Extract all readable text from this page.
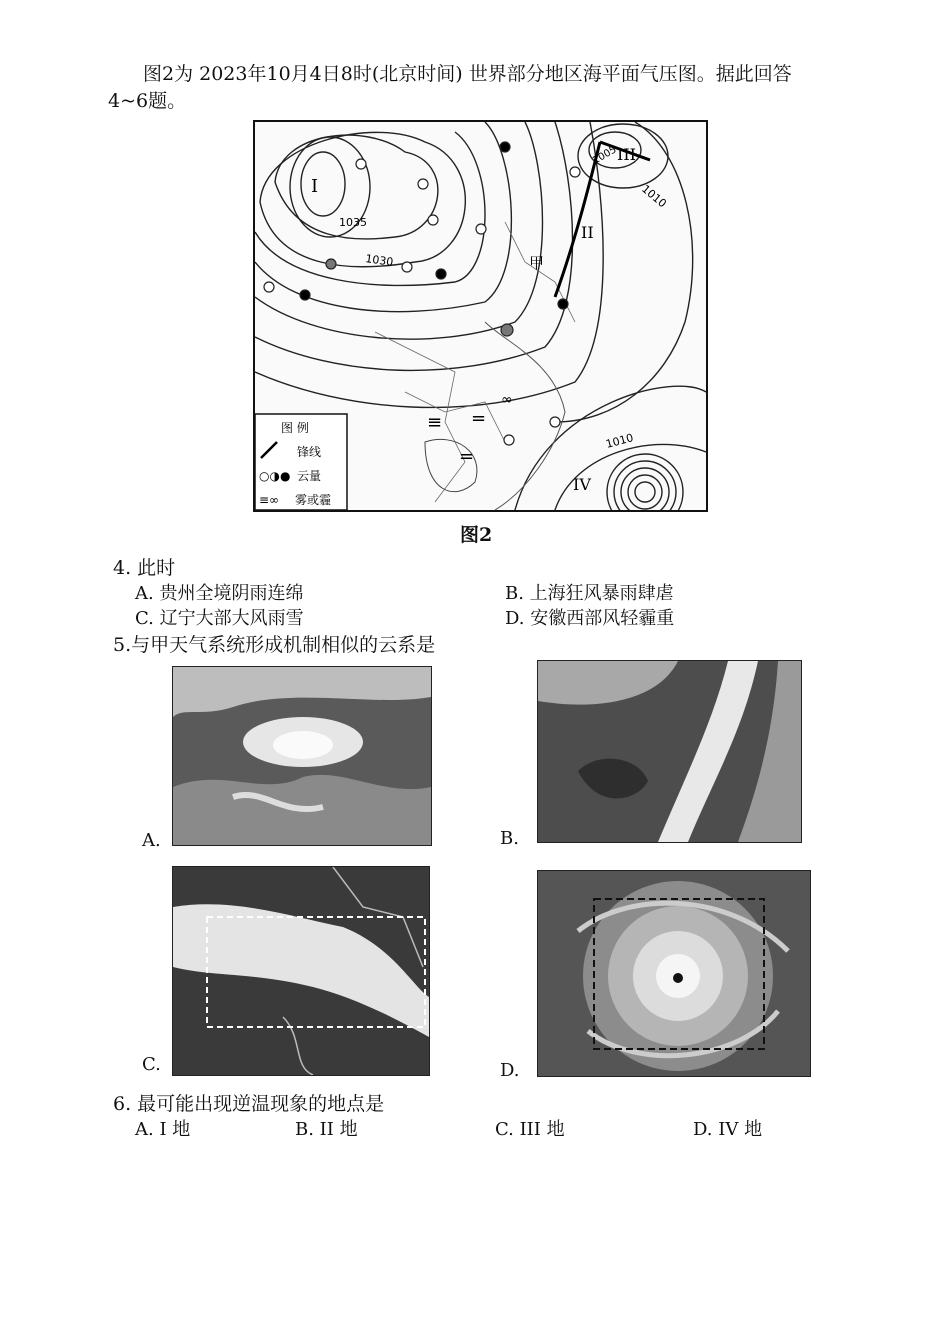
图2为 2023年10月4日8时(北京时间) 世界部分地区海平面气压图。据此回答
4~6题。
≡ =
=
∞
1035
1030
1010
1010
1005
I
II
III
IV
甲
图 例
锋线
○◑● 云量
≡∞ 雾或霾
图2
4. 此时
A. 贵州全境阴雨连绵	B. 上海狂风暴雨肆虐
C. 辽宁大部大风雨雪	D. 安徽西部风轻霾重
5.与甲天气系统形成机制相似的云系是
A.	B.
C.	D.
6. 最可能出现逆温现象的地点是
A. I 地	B. II 地	C. III 地	D. IV 地
